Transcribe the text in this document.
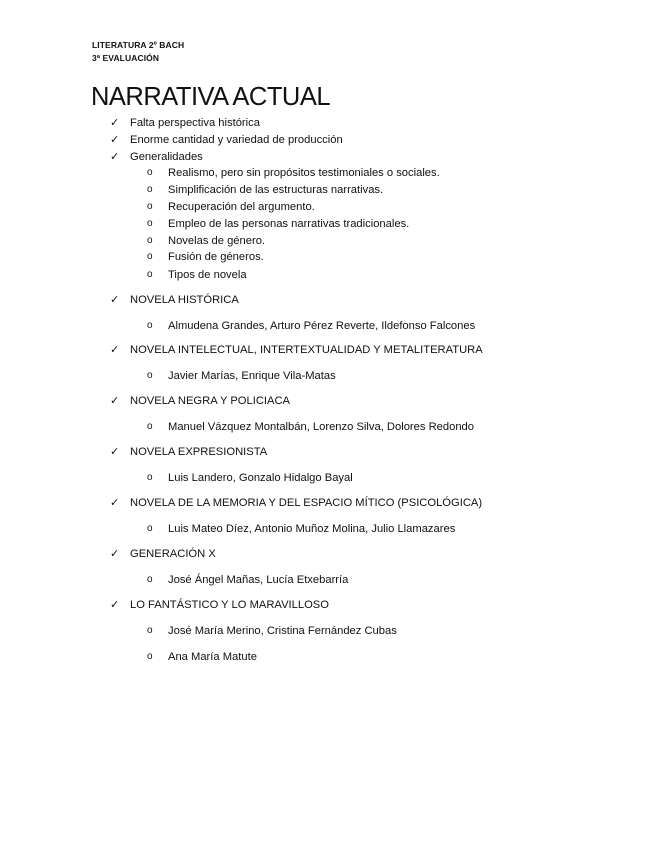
LITERATURA 2º BACH
3ª EVALUACIÓN
NARRATIVA ACTUAL
✓ Falta perspectiva histórica
✓ Enorme cantidad y variedad de producción
✓ Generalidades
o Realismo, pero sin propósitos testimoniales o sociales.
o Simplificación de las estructuras narrativas.
o Recuperación del argumento.
o Empleo de las personas narrativas tradicionales.
o Novelas de género.
o Fusión de géneros.
o Tipos de novela
✓ NOVELA HISTÓRICA
o Almudena Grandes, Arturo Pérez Reverte, Ildefonso Falcones
✓ NOVELA INTELECTUAL, INTERTEXTUALIDAD Y METALITERATURA
o Javier Marías, Enrique Vila-Matas
✓ NOVELA NEGRA Y POLICIACA
o Manuel Vázquez Montalbán, Lorenzo Silva, Dolores Redondo
✓ NOVELA EXPRESIONISTA
o Luis Landero, Gonzalo Hidalgo Bayal
✓ NOVELA DE LA MEMORIA Y DEL ESPACIO MÍTICO (PSICOLÓGICA)
o Luis Mateo Díez, Antonio Muñoz Molina, Julio Llamazares
✓ GENERACIÓN X
o José Ángel Mañas, Lucía Etxebarría
✓ LO FANTÁSTICO Y LO MARAVILLOSO
o José María Merino, Cristina Fernández Cubas
o Ana María Matute
